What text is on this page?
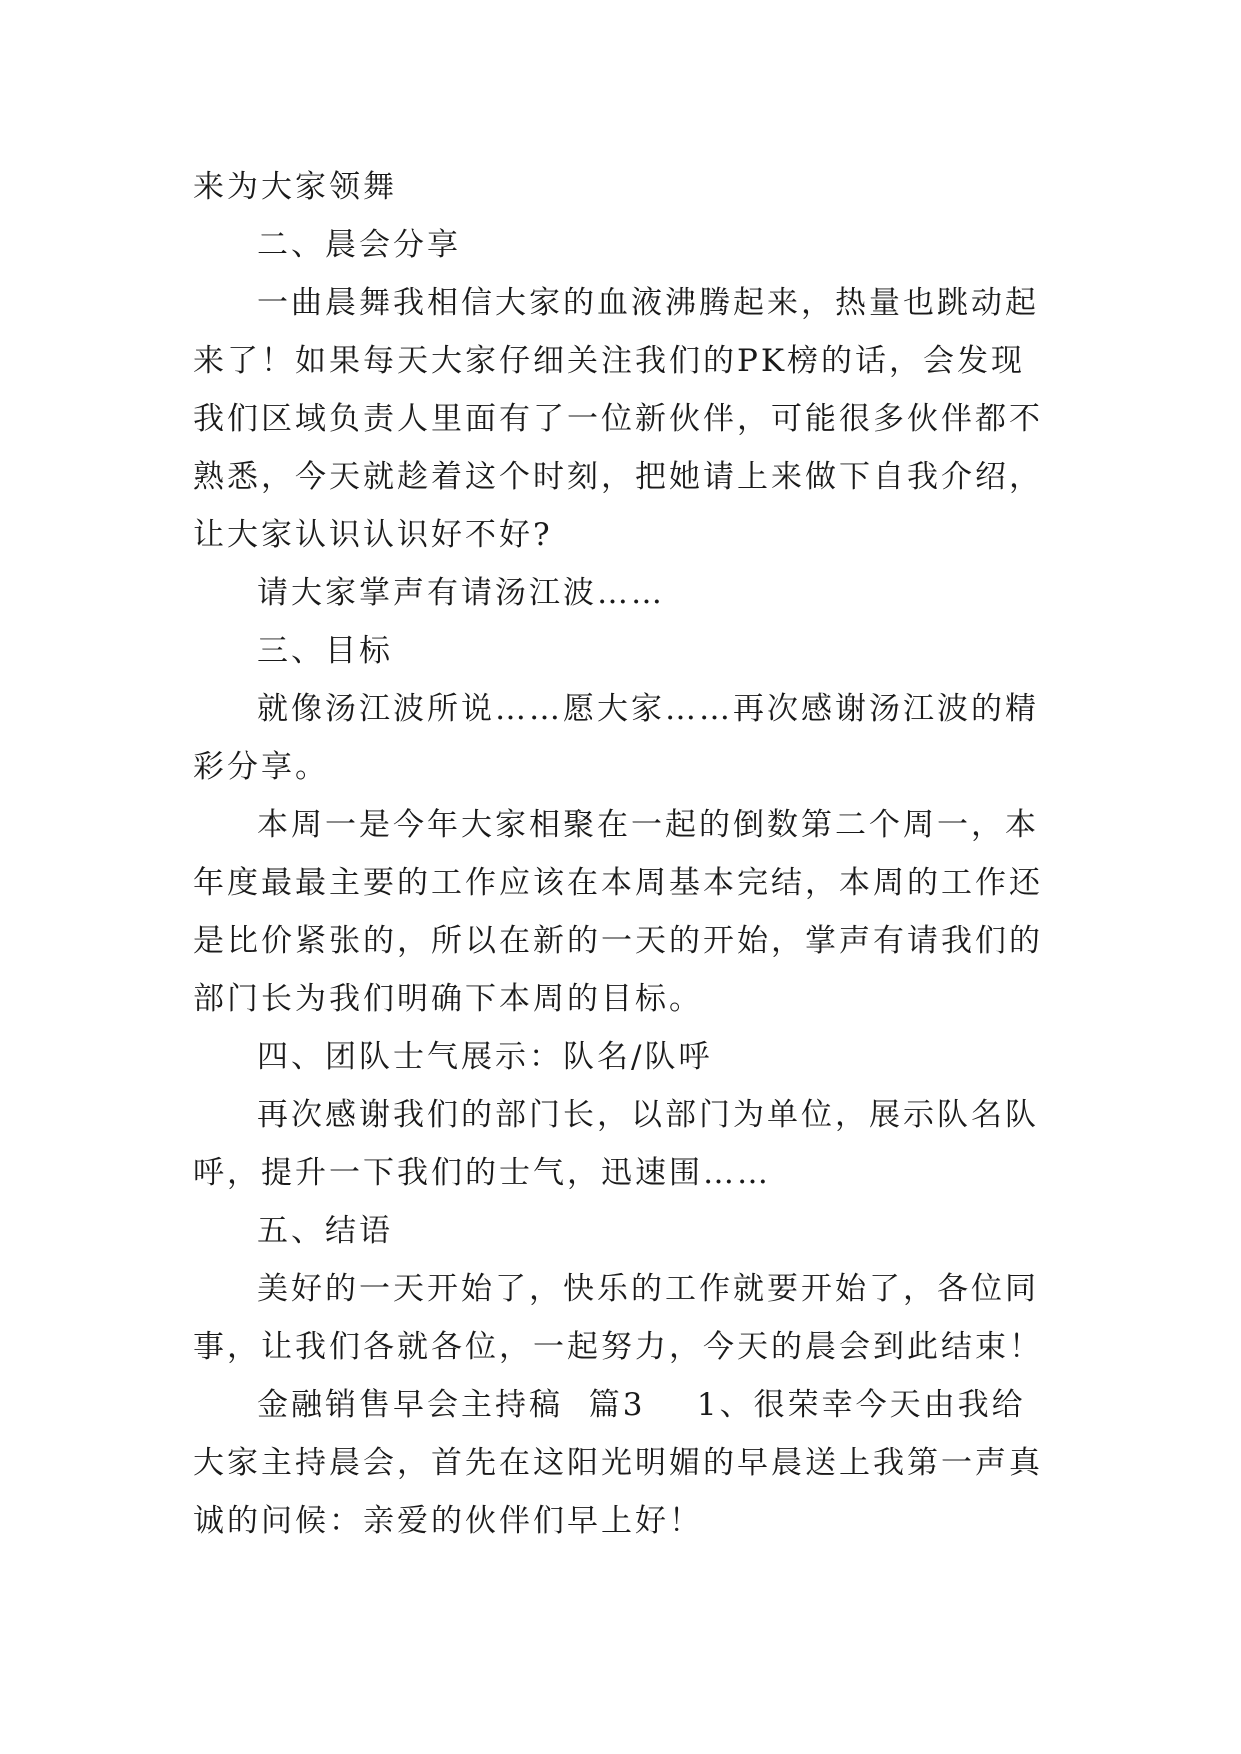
来为大家领舞

二、晨会分享

一曲晨舞我相信大家的血液沸腾起来，热量也跳动起来了！如果每天大家仔细关注我们的PK榜的话，会发现我们区域负责人里面有了一位新伙伴，可能很多伙伴都不熟悉，今天就趁着这个时刻，把她请上来做下自我介绍，让大家认识认识好不好?

请大家掌声有请汤江波……

三、目标

就像汤江波所说……愿大家……再次感谢汤江波的精彩分享。

本周一是今年大家相聚在一起的倒数第二个周一，本年度最最主要的工作应该在本周基本完结，本周的工作还是比价紧张的，所以在新的一天的开始，掌声有请我们的部门长为我们明确下本周的目标。

四、团队士气展示：队名/队呼

再次感谢我们的部门长，以部门为单位，展示队名队呼，提升一下我们的士气，迅速围……

五、结语

美好的一天开始了，快乐的工作就要开始了，各位同事，让我们各就各位，一起努力，今天的晨会到此结束！

金融销售早会主持稿  篇3    1、很荣幸今天由我给大家主持晨会，首先在这阳光明媚的早晨送上我第一声真诚的问候：亲爱的伙伴们早上好！
